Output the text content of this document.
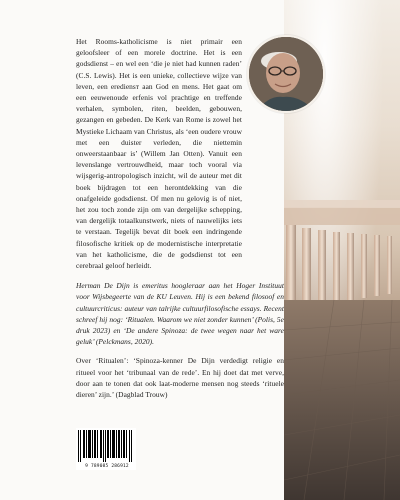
Het Rooms-katholicisme is niet primair een geloofsleer of een morele doctrine. Het is een godsdienst – en wel een ‘die je niet had kunnen raden’ (C.S. Lewis). Het is een unieke, collectieve wijze van leven, een erediensт aan God en mens. Het gaat om een eeuwenoude erfenis vol prachtige en treffende verhalen, symbolen, riten, beelden, gebouwen, gezangen en gebeden. De Kerk van Rome is zowel het Mystieke Lichaam van Christus, als ‘een oudere vrouw met een duister verleden, die niettemin onweerstaanbaar is’ (Willem Jan Otten). Vanuit een levenslange vertrouwdheid, maar toch vooral via wijsgerig-antropologisch inzicht, wil de auteur met dit boek bijdragen tot een herontdekking van die onafgeleide godsdienst. Of men nu gelovig is of niet, het zou toch zonde zijn om van dergelijke schepping, van dergelijk totaalkunstwerk, niets of nauwelijks iets te verstaan. Tegelijk bevat dit boek een indringende filosofische kritiek op de modernistische interpretatie van het katholicisme, die de godsdienst tot een cerebraal geloof herleidt.

Herman De Dijn is emeritus hoogleraar aan het Hoger Instituut voor Wijsbegeerte van de KU Leuven. Hij is een bekend filosoof en cultuurcriticus: auteur van talrijke cultuurfilosofische essays. Recent schreef hij nog: ‘Ritualen. Waarom we niet zonder kunnen’ (Polis, 5e druk 2023) en ‘De andere Spinoza: de twee wegen naar het ware geluk’ (Pelckmans, 2020).

Over ‘Ritualen’: ‘Spinoza-kenner De Dijn verdedigt religie en ritueel voor het ‘tribunaal van de rede’. En hij doet dat met verve, door aan te tonen dat ook laat-moderne mensen nog steeds ‘rituele dieren’ zijn.’ (Dagblad Trouw)

9 789085 286912
